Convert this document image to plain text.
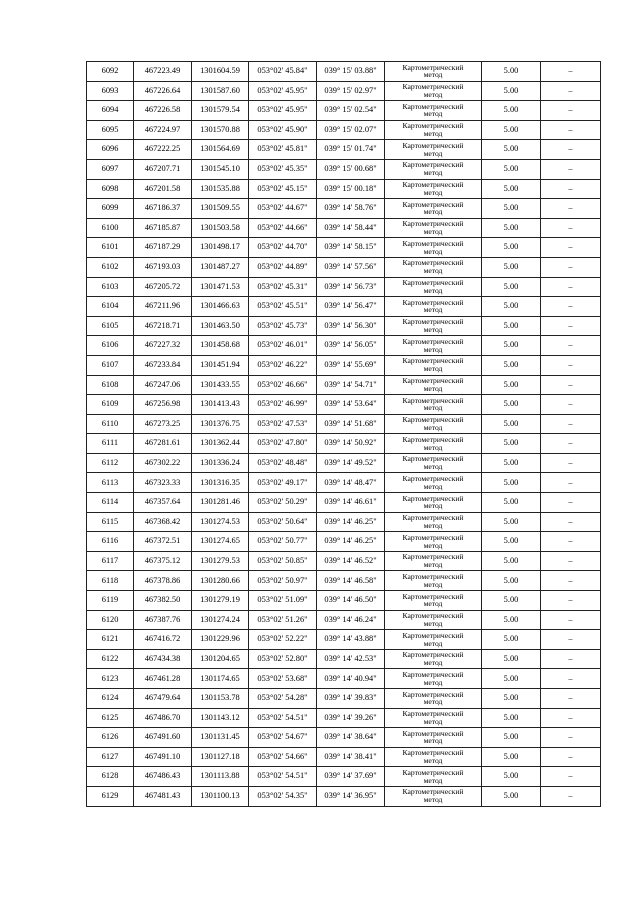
6092	467223.49	1301604.59	053°02' 45.84"	039° 15' 03.88"	Картометрический
метод	5.00	–
6093	467226.64	1301587.60	053°02' 45.95"	039° 15' 02.97"	Картометрический
метод	5.00	–
6094	467226.58	1301579.54	053°02' 45.95"	039° 15' 02.54"	Картометрический
метод	5.00	–
6095	467224.97	1301570.88	053°02' 45.90"	039° 15' 02.07"	Картометрический
метод	5.00	–
6096	467222.25	1301564.69	053°02' 45.81"	039° 15' 01.74"	Картометрический
метод	5.00	–
6097	467207.71	1301545.10	053°02' 45.35"	039° 15' 00.68"	Картометрический
метод	5.00	–
6098	467201.58	1301535.88	053°02' 45.15"	039° 15' 00.18"	Картометрический
метод	5.00	–
6099	467186.37	1301509.55	053°02' 44.67"	039° 14' 58.76"	Картометрический
метод	5.00	–
6100	467185.87	1301503.58	053°02' 44.66"	039° 14' 58.44"	Картометрический
метод	5.00	–
6101	467187.29	1301498.17	053°02' 44.70"	039° 14' 58.15"	Картометрический
метод	5.00	–
6102	467193.03	1301487.27	053°02' 44.89"	039° 14' 57.56"	Картометрический
метод	5.00	–
6103	467205.72	1301471.53	053°02' 45.31"	039° 14' 56.73"	Картометрический
метод	5.00	–
6104	467211.96	1301466.63	053°02' 45.51"	039° 14' 56.47"	Картометрический
метод	5.00	–
6105	467218.71	1301463.50	053°02' 45.73"	039° 14' 56.30"	Картометрический
метод	5.00	–
6106	467227.32	1301458.68	053°02' 46.01"	039° 14' 56.05"	Картометрический
метод	5.00	–
6107	467233.84	1301451.94	053°02' 46.22"	039° 14' 55.69"	Картометрический
метод	5.00	–
6108	467247.06	1301433.55	053°02' 46.66"	039° 14' 54.71"	Картометрический
метод	5.00	–
6109	467256.98	1301413.43	053°02' 46.99"	039° 14' 53.64"	Картометрический
метод	5.00	–
6110	467273.25	1301376.75	053°02' 47.53"	039° 14' 51.68"	Картометрический
метод	5.00	–
6111	467281.61	1301362.44	053°02' 47.80"	039° 14' 50.92"	Картометрический
метод	5.00	–
6112	467302.22	1301336.24	053°02' 48.48"	039° 14' 49.52"	Картометрический
метод	5.00	–
6113	467323.33	1301316.35	053°02' 49.17"	039° 14' 48.47"	Картометрический
метод	5.00	–
6114	467357.64	1301281.46	053°02' 50.29"	039° 14' 46.61"	Картометрический
метод	5.00	–
6115	467368.42	1301274.53	053°02' 50.64"	039° 14' 46.25"	Картометрический
метод	5.00	–
6116	467372.51	1301274.65	053°02' 50.77"	039° 14' 46.25"	Картометрический
метод	5.00	–
6117	467375.12	1301279.53	053°02' 50.85"	039° 14' 46.52"	Картометрический
метод	5.00	–
6118	467378.86	1301280.66	053°02' 50.97"	039° 14' 46.58"	Картометрический
метод	5.00	–
6119	467382.50	1301279.19	053°02' 51.09"	039° 14' 46.50"	Картометрический
метод	5.00	–
6120	467387.76	1301274.24	053°02' 51.26"	039° 14' 46.24"	Картометрический
метод	5.00	–
6121	467416.72	1301229.96	053°02' 52.22"	039° 14' 43.88"	Картометрический
метод	5.00	–
6122	467434.38	1301204.65	053°02' 52.80"	039° 14' 42.53"	Картометрический
метод	5.00	–
6123	467461.28	1301174.65	053°02' 53.68"	039° 14' 40.94"	Картометрический
метод	5.00	–
6124	467479.64	1301153.78	053°02' 54.28"	039° 14' 39.83"	Картометрический
метод	5.00	–
6125	467486.70	1301143.12	053°02' 54.51"	039° 14' 39.26"	Картометрический
метод	5.00	–
6126	467491.60	1301131.45	053°02' 54.67"	039° 14' 38.64"	Картометрический
метод	5.00	–
6127	467491.10	1301127.18	053°02' 54.66"	039° 14' 38.41"	Картометрический
метод	5.00	–
6128	467486.43	1301113.88	053°02' 54.51"	039° 14' 37.69"	Картометрический
метод	5.00	–
6129	467481.43	1301100.13	053°02' 54.35"	039° 14' 36.95"	Картометрический
метод	5.00	–
